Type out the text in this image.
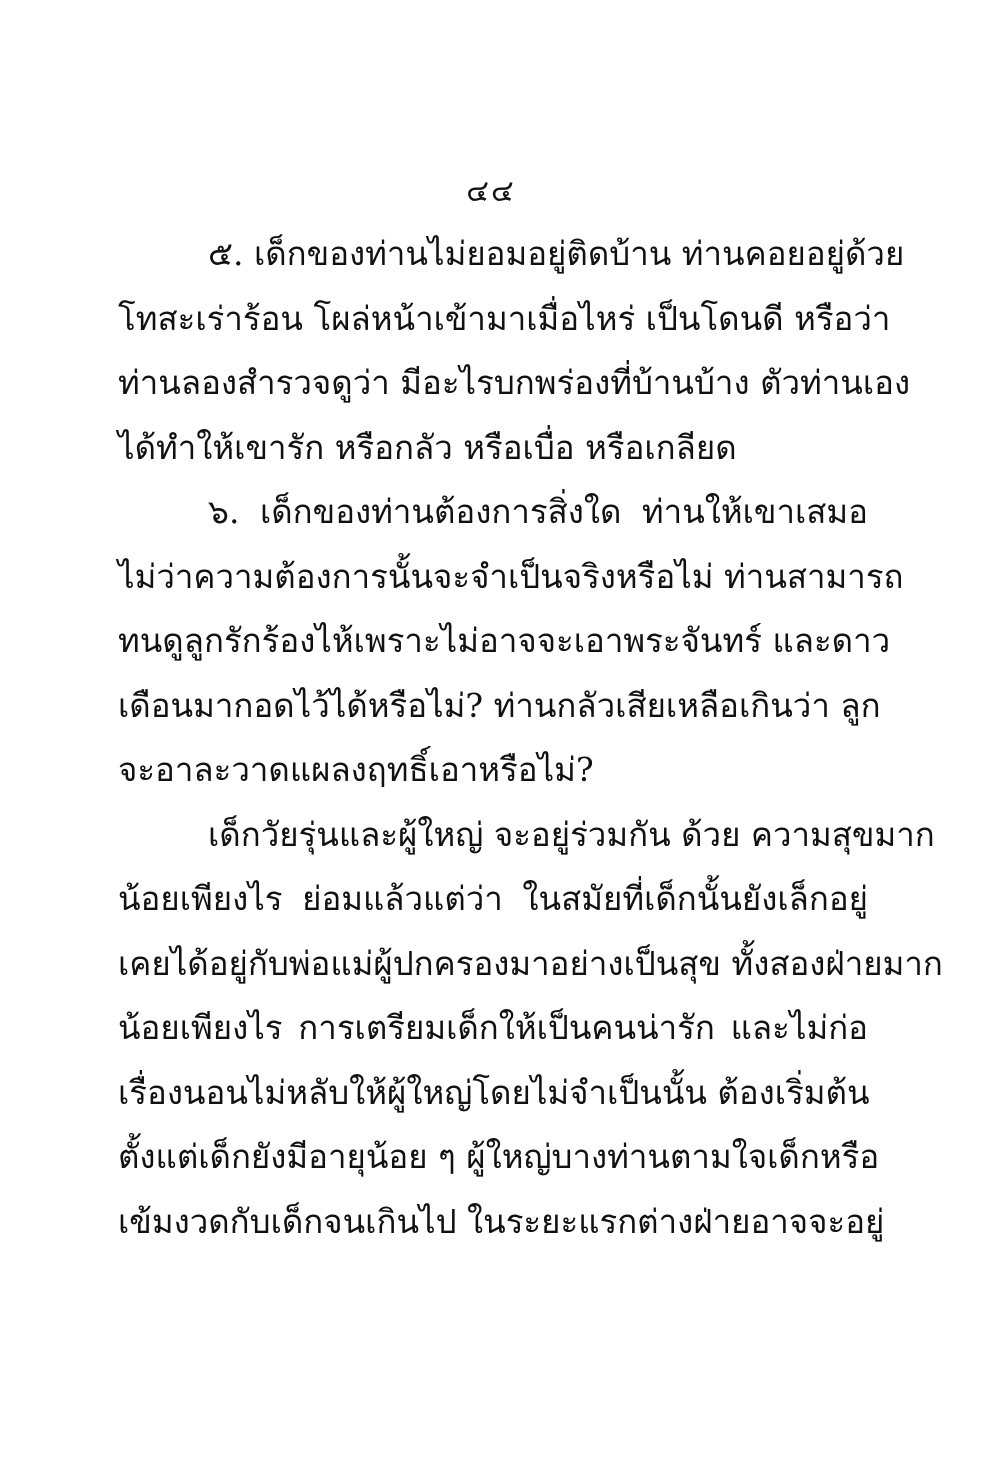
๔๔
๕. เด็กของท่านไม่ยอมอยู่ติดบ้าน ท่านคอยอยู่ด้วย
โทสะเร่าร้อน โผล่หน้าเข้ามาเมื่อไหร่ เป็นโดนดี หรือว่า
ท่านลองสำรวจดูว่า มีอะไรบกพร่องที่บ้านบ้าง ตัวท่านเอง
ได้ทำให้เขารัก หรือกลัว หรือเบื่อ หรือเกลียด
๖. เด็กของท่านต้องการสิ่งใด ท่านให้เขาเสมอ
ไม่ว่าความต้องการนั้นจะจำเป็นจริงหรือไม่ ท่านสามารถ
ทนดูลูกรักร้องไห้เพราะไม่อาจจะเอาพระจันทร์ และดาว
เดือนมากอดไว้ได้หรือไม่? ท่านกลัวเสียเหลือเกินว่า ลูก
จะอาละวาดแผลงฤทธิ์เอาหรือไม่?
เด็กวัยรุ่นและผู้ใหญ่ จะอยู่ร่วมกัน ด้วย ความสุขมาก
น้อยเพียงไร ย่อมแล้วแต่ว่า ในสมัยที่เด็กนั้นยังเล็กอยู่
เคยได้อยู่กับพ่อแม่ผู้ปกครองมาอย่างเป็นสุข ทั้งสองฝ่ายมาก
น้อยเพียงไร การเตรียมเด็กให้เป็นคนน่ารัก และไม่ก่อ
เรื่องนอนไม่หลับให้ผู้ใหญ่โดยไม่จำเป็นนั้น ต้องเริ่มต้น
ตั้งแต่เด็กยังมีอายุน้อย ๆ ผู้ใหญ่บางท่านตามใจเด็กหรือ
เข้มงวดกับเด็กจนเกินไป ในระยะแรกต่างฝ่ายอาจจะอยู่
